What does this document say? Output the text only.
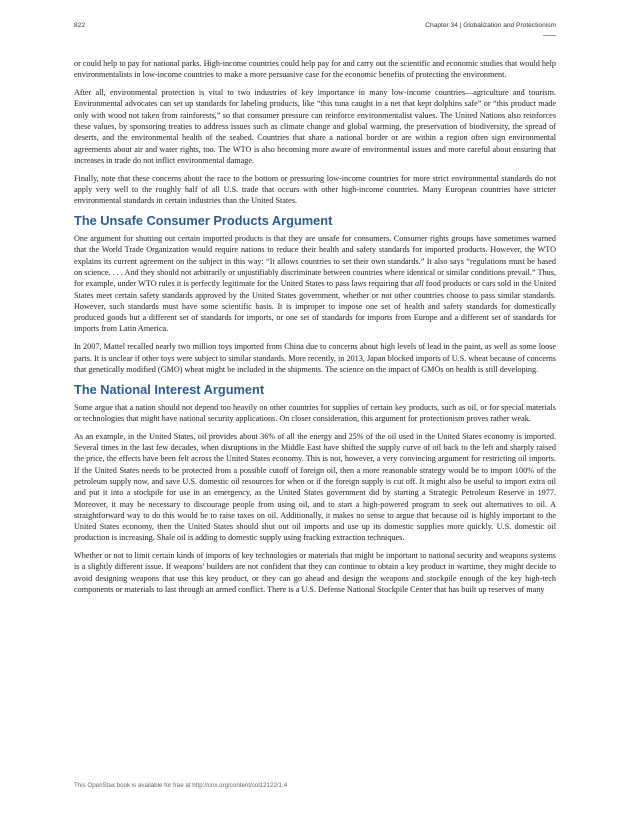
822	Chapter 34 | Globalization and Protectionism

or could help to pay for national parks. High-income countries could help pay for and carry out the scientific and economic studies that would help environmentalists in low-income countries to make a more persuasive case for the economic benefits of protecting the environment.

After all, environmental protection is vital to two industries of key importance in many low-income countries—agriculture and tourism. Environmental advocates can set up standards for labeling products, like “this tuna caught in a net that kept dolphins safe” or “this product made only with wood not taken from rainforests,” so that consumer pressure can reinforce environmentalist values. The United Nations also reinforces these values, by sponsoring treaties to address issues such as climate change and global warming, the preservation of biodiversity, the spread of deserts, and the environmental health of the seabed. Countries that share a national border or are within a region often sign environmental agreements about air and water rights, too. The WTO is also becoming more aware of environmental issues and more careful about ensuring that increases in trade do not inflict environmental damage.

Finally, note that these concerns about the race to the bottom or pressuring low-income countries for more strict environmental standards do not apply very well to the roughly half of all U.S. trade that occurs with other high-income countries. Many European countries have stricter environmental standards in certain industries than the United States.

The Unsafe Consumer Products Argument

One argument for shutting out certain imported products is that they are unsafe for consumers. Consumer rights groups have sometimes warned that the World Trade Organization would require nations to reduce their health and safety standards for imported products. However, the WTO explains its current agreement on the subject in this way: “It allows countries to set their own standards.” It also says “regulations must be based on science. . . . And they should not arbitrarily or unjustifiably discriminate between countries where identical or similar conditions prevail.” Thus, for example, under WTO rules it is perfectly legitimate for the United States to pass laws requiring that all food products or cars sold in the United States meet certain safety standards approved by the United States government, whether or not other countries choose to pass similar standards. However, such standards must have some scientific basis. It is improper to impose one set of health and safety standards for domestically produced goods but a different set of standards for imports, or one set of standards for imports from Europe and a different set of standards for imports from Latin America.

In 2007, Mattel recalled nearly two million toys imported from China due to concerns about high levels of lead in the paint, as well as some loose parts. It is unclear if other toys were subject to similar standards. More recently, in 2013, Japan blocked imports of U.S. wheat because of concerns that genetically modified (GMO) wheat might be included in the shipments. The science on the impact of GMOs on health is still developing.

The National Interest Argument

Some argue that a nation should not depend too heavily on other countries for supplies of certain key products, such as oil, or for special materials or technologies that might have national security applications. On closer consideration, this argument for protectionism proves rather weak.

As an example, in the United States, oil provides about 36% of all the energy and 25% of the oil used in the United States economy is imported. Several times in the last few decades, when disruptions in the Middle East have shifted the supply curve of oil back to the left and sharply raised the price, the effects have been felt across the United States economy. This is not, however, a very convincing argument for restricting oil imports. If the United States needs to be protected from a possible cutoff of foreign oil, then a more reasonable strategy would be to import 100% of the petroleum supply now, and save U.S. domestic oil resources for when or if the foreign supply is cut off. It might also be useful to import extra oil and put it into a stockpile for use in an emergency, as the United States government did by starting a Strategic Petroleum Reserve in 1977. Moreover, it may be necessary to discourage people from using oil, and to start a high-powered program to seek out alternatives to oil. A straightforward way to do this would be to raise taxes on oil. Additionally, it makes no sense to argue that because oil is highly important to the United States economy, then the United States should shut out oil imports and use up its domestic supplies more quickly. U.S. domestic oil production is increasing. Shale oil is adding to domestic supply using fracking extraction techniques.

Whether or not to limit certain kinds of imports of key technologies or materials that might be important to national security and weapons systems is a slightly different issue. If weapons’ builders are not confident that they can continue to obtain a key product in wartime, they might decide to avoid designing weapons that use this key product, or they can go ahead and design the weapons and stockpile enough of the key high-tech components or materials to last through an armed conflict. There is a U.S. Defense National Stockpile Center that has built up reserves of many

This OpenStax book is available for free at http://cnx.org/content/col12122/1.4
